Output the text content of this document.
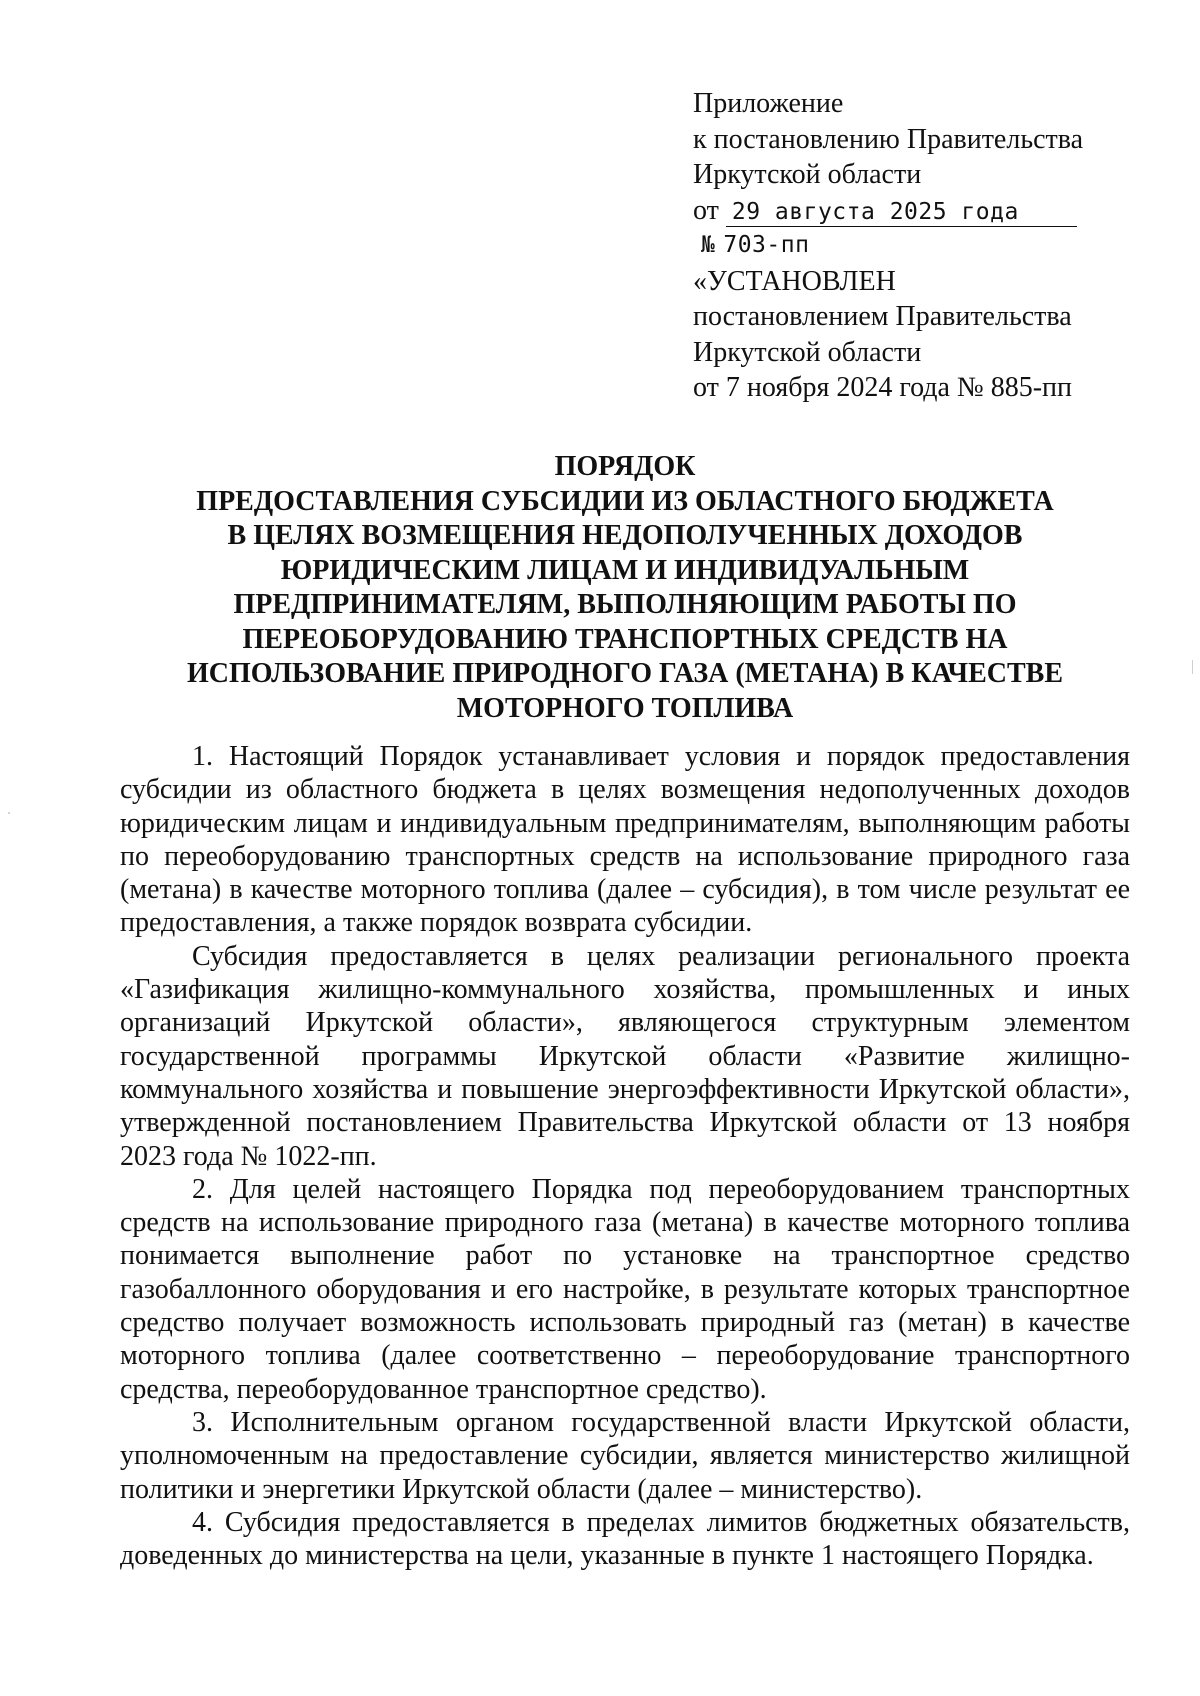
Приложение
к постановлению Правительства
Иркутской области
от 29 августа 2025 года
№ 703-пп
«УСТАНОВЛЕН
постановлением Правительства
Иркутской области
от 7 ноября 2024 года № 885-пп
ПОРЯДОК
ПРЕДОСТАВЛЕНИЯ СУБСИДИИ ИЗ ОБЛАСТНОГО БЮДЖЕТА
В ЦЕЛЯХ ВОЗМЕЩЕНИЯ НЕДОПОЛУЧЕННЫХ ДОХОДОВ
ЮРИДИЧЕСКИМ ЛИЦАМ И ИНДИВИДУАЛЬНЫМ
ПРЕДПРИНИМАТЕЛЯМ, ВЫПОЛНЯЮЩИМ РАБОТЫ ПО
ПЕРЕОБОРУДОВАНИЮ ТРАНСПОРТНЫХ СРЕДСТВ НА
ИСПОЛЬЗОВАНИЕ ПРИРОДНОГО ГАЗА (МЕТАНА) В КАЧЕСТВЕ
МОТОРНОГО ТОПЛИВА

1. Настоящий Порядок устанавливает условия и порядок предоставления субсидии из областного бюджета в целях возмещения недополученных доходов юридическим лицам и индивидуальным предпринимателям, выполняющим работы по переоборудованию транспортных средств на использование природного газа (метана) в качестве моторного топлива (далее – субсидия), в том числе результат ее предоставления, а также порядок возврата субсидии.

Субсидия предоставляется в целях реализации регионального проекта «Газификация жилищно-коммунального хозяйства, промышленных и иных организаций Иркутской области», являющегося структурным элементом государственной программы Иркутской области «Развитие жилищно-коммунального хозяйства и повышение энергоэффективности Иркутской области», утвержденной постановлением Правительства Иркутской области от 13 ноября 2023 года № 1022-пп.

2. Для целей настоящего Порядка под переоборудованием транспортных средств на использование природного газа (метана) в качестве моторного топлива понимается выполнение работ по установке на транспортное средство газобаллонного оборудования и его настройке, в результате которых транспортное средство получает возможность использовать природный газ (метан) в качестве моторного топлива (далее соответственно – переоборудование транспортного средства, переоборудованное транспортное средство).

3. Исполнительным органом государственной власти Иркутской области, уполномоченным на предоставление субсидии, является министерство жилищной политики и энергетики Иркутской области (далее – министерство).

4. Субсидия предоставляется в пределах лимитов бюджетных обязательств, доведенных до министерства на цели, указанные в пункте 1 настоящего Порядка.
